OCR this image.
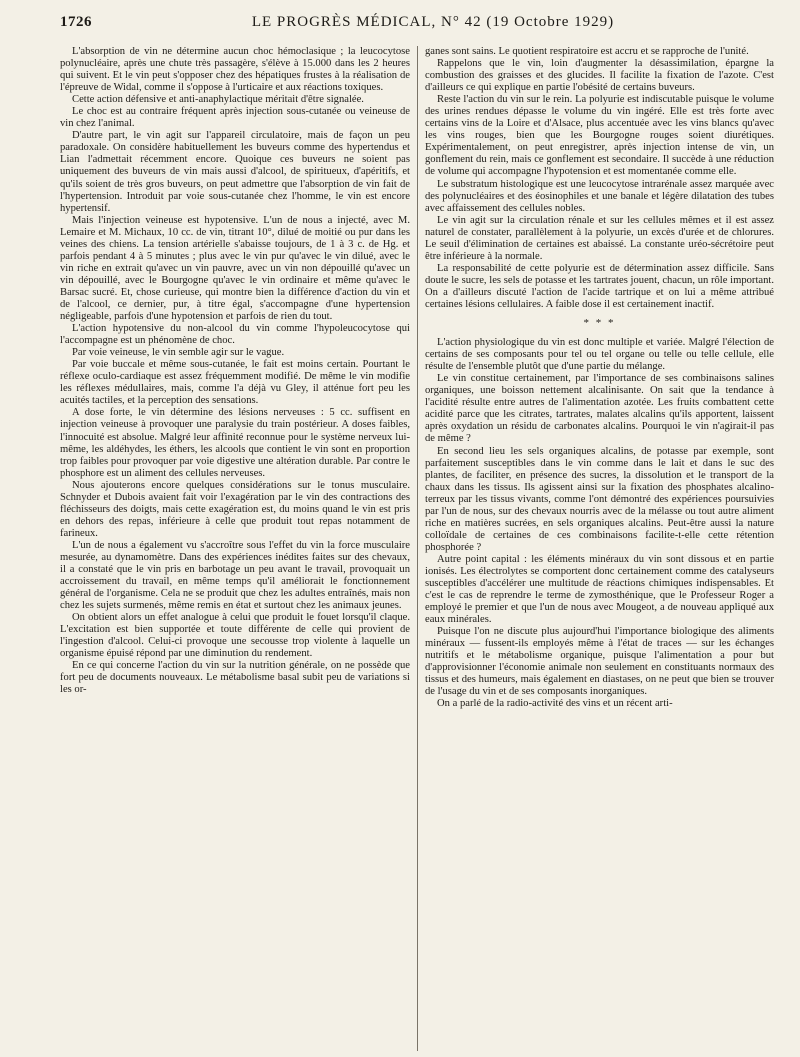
1726	LE PROGRÈS MÉDICAL, N° 42 (19 Octobre 1929)

L'absorption de vin ne détermine aucun choc hémoclasique ; la leucocytose polynucléaire, après une chute très passagère, s'élève à 15.000 dans les 2 heures qui suivent. Et le vin peut s'opposer chez des hépatiques frustes à la réalisation de l'épreuve de Widal, comme il s'oppose à l'urticaire et aux réactions toxiques.

Cette action défensive et anti-anaphylactique méritait d'être signalée.

Le choc est au contraire fréquent après injection sous-cutanée ou veineuse de vin chez l'animal.

D'autre part, le vin agit sur l'appareil circulatoire, mais de façon un peu paradoxale. On considère habituellement les buveurs comme des hypertendus et Lian l'admettait récemment encore. Quoique ces buveurs ne soient pas uniquement des buveurs de vin mais aussi d'alcool, de spiritueux, d'apéritifs, et qu'ils soient de très gros buveurs, on peut admettre que l'absorption de vin fait de l'hypertension. Introduit par voie sous-cutanée chez l'homme, le vin est encore hypertensif.

Mais l'injection veineuse est hypotensive. L'un de nous a injecté, avec M. Lemaire et M. Michaux, 10 cc. de vin, titrant 10°, dilué de moitié ou pur dans les veines des chiens. La tension artérielle s'abaisse toujours, de 1 à 3 c. de Hg. et parfois pendant 4 à 5 minutes ; plus avec le vin pur qu'avec le vin dilué, avec le vin riche en extrait qu'avec un vin pauvre, avec un vin non dépouillé qu'avec un vin dépouillé, avec le Bourgogne qu'avec le vin ordinaire et même qu'avec le Barsac sucré. Et, chose curieuse, qui montre bien la différence d'action du vin et de l'alcool, ce dernier, pur, à titre égal, s'accompagne d'une hypertension négligeable, parfois d'une hypotension et parfois de rien du tout.

L'action hypotensive du non-alcool du vin comme l'hypoleucocytose qui l'accompagne est un phénomène de choc.

Par voie veineuse, le vin semble agir sur le vague.

Par voie buccale et même sous-cutanée, le fait est moins certain. Pourtant le réflexe oculo-cardiaque est assez fréquemment modifié. De même le vin modifie les réflexes médullaires, mais, comme l'a déjà vu Gley, il atténue fort peu les acuités tactiles, et la perception des sensations.

A dose forte, le vin détermine des lésions nerveuses : 5 cc. suffisent en injection veineuse à provoquer une paralysie du train postérieur. A doses faibles, l'innocuité est absolue. Malgré leur affinité reconnue pour le système nerveux lui-même, les aldéhydes, les éthers, les alcools que contient le vin sont en proportion trop faibles pour provoquer par voie digestive une altération durable. Par contre le phosphore est un aliment des cellules nerveuses.

Nous ajouterons encore quelques considérations sur le tonus musculaire. Schnyder et Dubois avaient fait voir l'exagération par le vin des contractions des fléchisseurs des doigts, mais cette exagération est, du moins quand le vin est pris en dehors des repas, inférieure à celle que produit tout repas notamment de farineux.

L'un de nous a également vu s'accroître sous l'effet du vin la force musculaire mesurée, au dynamomètre. Dans des expériences inédites faites sur des chevaux, il a constaté que le vin pris en barbotage un peu avant le travail, provoquait un accroissement du travail, en même temps qu'il améliorait le fonctionnement général de l'organisme. Cela ne se produit que chez les adultes entraînés, mais non chez les sujets surmenés, même remis en état et surtout chez les animaux jeunes.

On obtient alors un effet analogue à celui que produit le fouet lorsqu'il claque. L'excitation est bien supportée et toute différente de celle qui provient de l'ingestion d'alcool. Celui-ci provoque une secousse trop violente à laquelle un organisme épuisé répond par une diminution du rendement.

En ce qui concerne l'action du vin sur la nutrition générale, on ne possède que fort peu de documents nouveaux. Le métabolisme basal subit peu de variations si les or-

ganes sont sains. Le quotient respiratoire est accru et se rapproche de l'unité.

Rappelons que le vin, loin d'augmenter la désassimilation, épargne la combustion des graisses et des glucides. Il facilite la fixation de l'azote. C'est d'ailleurs ce qui explique en partie l'obésité de certains buveurs.

Reste l'action du vin sur le rein. La polyurie est indiscutable puisque le volume des urines rendues dépasse le volume du vin ingéré. Elle est très forte avec certains vins de la Loire et d'Alsace, plus accentuée avec les vins blancs qu'avec les vins rouges, bien que les Bourgogne rouges soient diurétiques. Expérimentalement, on peut enregistrer, après injection intense de vin, un gonflement du rein, mais ce gonflement est secondaire. Il succède à une réduction de volume qui accompagne l'hypotension et est momentanée comme elle.

Le substratum histologique est une leucocytose intrarénale assez marquée avec des polynucléaires et des éosinophiles et une banale et légère dilatation des tubes avec affaissement des cellules nobles.

Le vin agit sur la circulation rénale et sur les cellules mêmes et il est assez naturel de constater, parallèlement à la polyurie, un excès d'urée et de chlorures. Le seuil d'élimination de certaines est abaissé. La constante uréo-sécrétoire peut être inférieure à la normale.

La responsabilité de cette polyurie est de détermination assez difficile. Sans doute le sucre, les sels de potasse et les tartrates jouent, chacun, un rôle important. On a d'ailleurs discuté l'action de l'acide tartrique et on lui a même attribué certaines lésions cellulaires. A faible dose il est certainement inactif.

* * *

L'action physiologique du vin est donc multiple et variée. Malgré l'élection de certains de ses composants pour tel ou tel organe ou telle ou telle cellule, elle résulte de l'ensemble plutôt que d'une partie du mélange.

Le vin constitue certainement, par l'importance de ses combinaisons salines organiques, une boisson nettement alcalinisante. On sait que la tendance à l'acidité résulte entre autres de l'alimentation azotée. Les fruits combattent cette acidité parce que les citrates, tartrates, malates alcalins qu'ils apportent, laissent après oxydation un résidu de carbonates alcalins. Pourquoi le vin n'agirait-il pas de même ?

En second lieu les sels organiques alcalins, de potasse par exemple, sont parfaitement susceptibles dans le vin comme dans le lait et dans le suc des plantes, de faciliter, en présence des sucres, la dissolution et le transport de la chaux dans les tissus. Ils agissent ainsi sur la fixation des phosphates alcalino-terreux par les tissus vivants, comme l'ont démontré des expériences poursuivies par l'un de nous, sur des chevaux nourris avec de la mélasse ou tout autre aliment riche en matières sucrées, en sels organiques alcalins. Peut-être aussi la nature colloïdale de certaines de ces combinaisons facilite-t-elle cette rétention phosphorée ?

Autre point capital : les éléments minéraux du vin sont dissous et en partie ionisés. Les électrolytes se comportent donc certainement comme des catalyseurs susceptibles d'accélérer une multitude de réactions chimiques indispensables. Et c'est le cas de reprendre le terme de zymosthénique, que le Professeur Roger a employé le premier et que l'un de nous avec Mougeot, a de nouveau appliqué aux eaux minérales.

Puisque l'on ne discute plus aujourd'hui l'importance biologique des aliments minéraux — fussent-ils employés même à l'état de traces — sur les échanges nutritifs et le métabolisme organique, puisque l'alimentation a pour but d'approvisionner l'économie animale non seulement en constituants normaux des tissus et des humeurs, mais également en diastases, on ne peut que bien se trouver de l'usage du vin et de ses composants inorganiques.

On a parlé de la radio-activité des vins et un récent arti-
